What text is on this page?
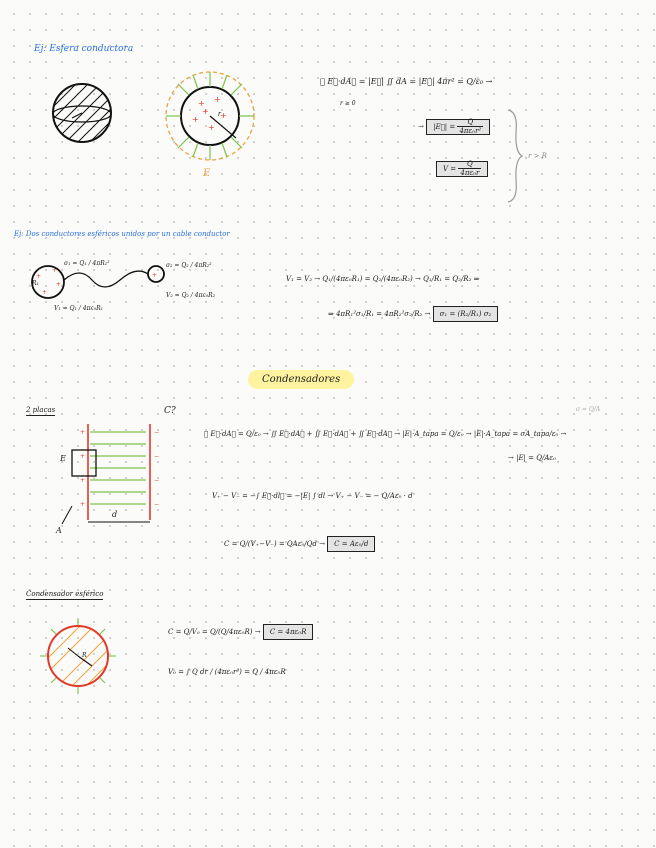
Ej: Esfera conductora
+ +
+
+
+
+ r
E
∮ E⃗·dA⃗ = |E⃗| ∬ dA = |E⃗| 4πr² = Q/ε₀ →
r ≥ 0
→ |E⃗| = $\frac{Q}{\text{4πε₀r²}}$
$V = \frac{Q}{\text{4πε₀r}}$
r > R
Ej: Dos conductores esféricos unidos por un cable conductor
+
+
+
+
+
R₁
σ₁ = Q₁ / 4πR₁²
V₁ = Q₁ / 4πε₀R₁
σ₂ = Q₂ / 4πR₂²
V₂ = Q₂ / 4πε₀R₂
V₁ = V₂ → Q₁/(4πε₀R₁) = Q₂/(4πε₀R₂) → Q₁/R₁ = Q₂/R₂ ⇒
⇒ 4πR₁²σ₁/R₁ = 4πR₂²σ₂/R₂ → σ₁ = (R₂/R₁) σ₂
Condensadores
2 placas	C?	σ = Q/A
+
+
+
+
−
−
−
−
E
A
d
∮ E⃗·dA⃗ = Q/ε₀ → ∬ E⃗·dA⃗ + ∬ E⃗·dA⃗ + ∬ E⃗·dA⃗ → |E|·A_tapa = Q/ε₀ → |E|·A_tapa = σA_tapa/ε₀ →
→ |E| = Q/Aε₀
V₊ − V₋ = −∫ E⃗·dl⃗ = −|E| ∫ dl → V₊ − V₋ = − Q/Aε₀ · d
C = Q/(V₊−V₋) = QAε₀/Qd → C = Aε₀/d
Condensador esférico
R
C = Q/V₀ = Q/(Q/4πε₀R) → C = 4πε₀R
V₀ = ∫ Q dr / (4πε₀r²) = Q / 4πε₀R
